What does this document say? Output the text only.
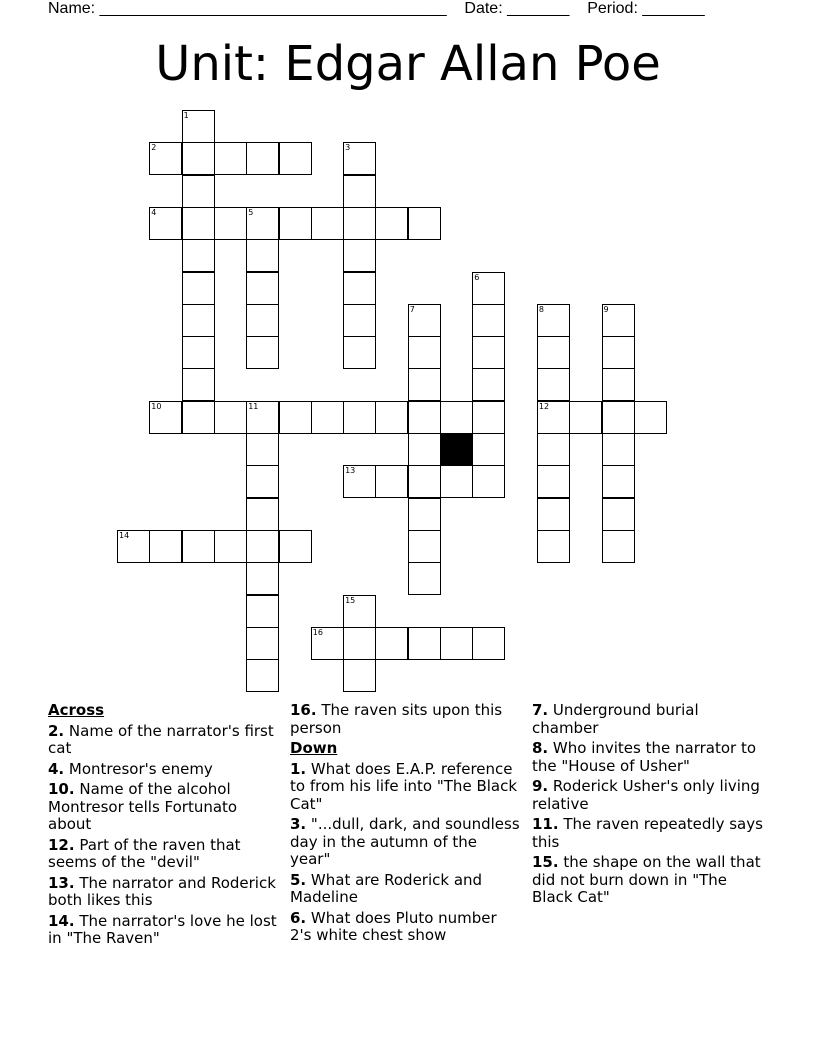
Name: _______________________________________ Date: _______ Period: _______
Unit: Edgar Allan Poe
2
4	5
10	11	12
13
14
16
1
3
6
7	8	9
15
Across
2. Name of the narrator's first cat
4. Montresor's enemy
10. Name of the alcohol Montresor tells Fortunato about
12. Part of the raven that seems of the "devil"
13. The narrator and Roderick both likes this
14. The narrator's love he lost in "The Raven"
16. The raven sits upon this person
Down
1. What does E.A.P. reference to from his life into "The Black Cat"
3. "...dull, dark, and soundless day in the autumn of the year"
5. What are Roderick and Madeline
6. What does Pluto number 2's white chest show
7. Underground burial chamber
8. Who invites the narrator to the "House of Usher"
9. Roderick Usher's only living relative
11. The raven repeatedly says this
15. the shape on the wall that did not burn down in "The Black Cat"
